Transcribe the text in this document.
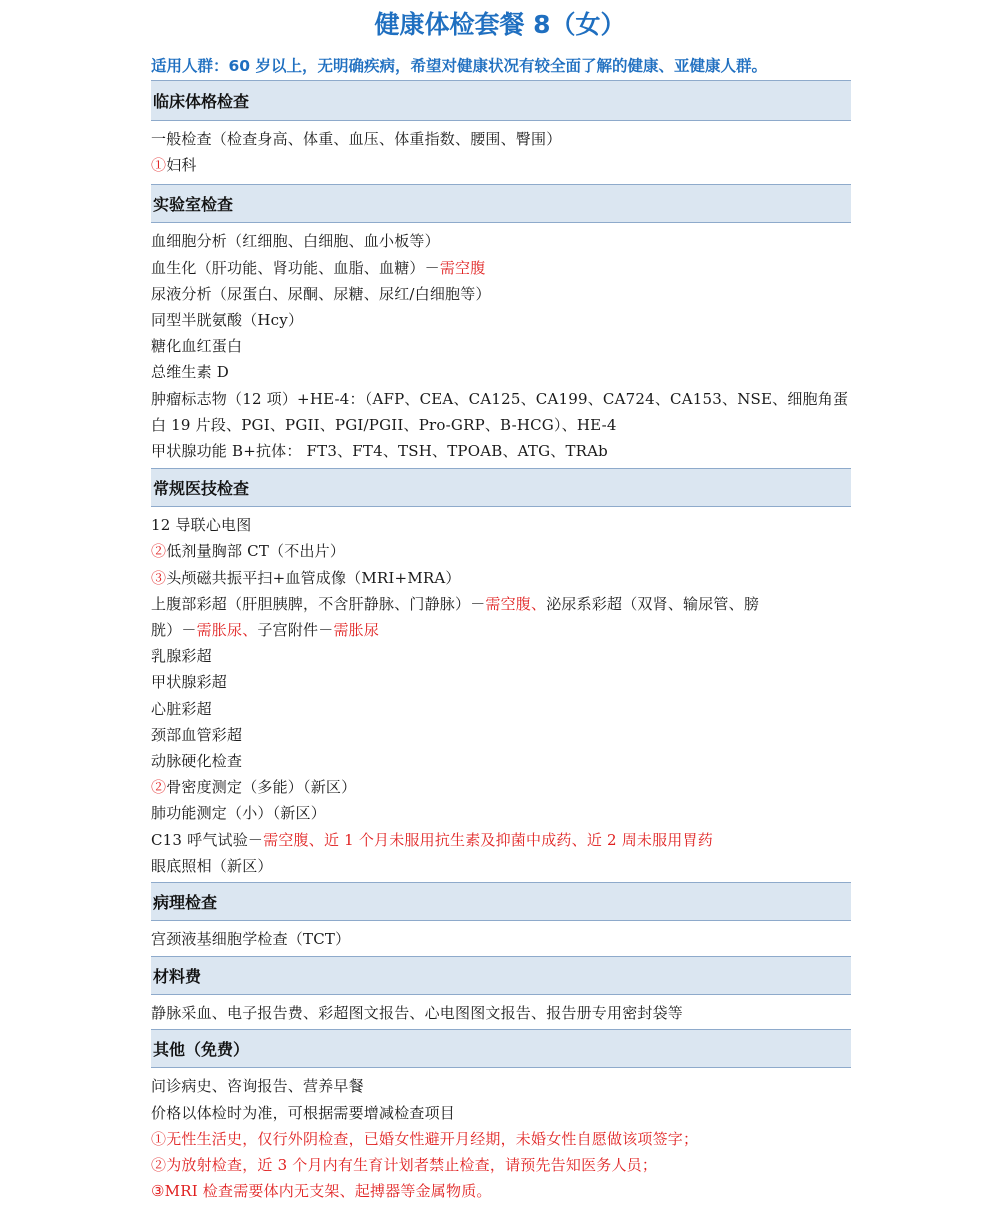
健康体检套餐 8（女）
适用人群：60 岁以上，无明确疾病，希望对健康状况有较全面了解的健康、亚健康人群。
临床体格检查
一般检查（检查身高、体重、血压、体重指数、腰围、臀围）
①妇科
实验室检查
血细胞分析（红细胞、白细胞、血小板等）
血生化（肝功能、肾功能、血脂、血糖）－需空腹
尿液分析（尿蛋白、尿酮、尿糖、尿红/白细胞等）
同型半胱氨酸（Hcy）
糖化血红蛋白
总维生素 D
肿瘤标志物（12 项）+HE-4：（AFP、CEA、CA125、CA199、CA724、CA153、NSE、细胞角蛋
白 19 片段、PGI、PGII、PGI/PGII、Pro-GRP、B-HCG）、HE-4
甲状腺功能 B+抗体： FT3、FT4、TSH、TPOAB、ATG、TRAb
常规医技检查
12 导联心电图
②低剂量胸部 CT（不出片）
③头颅磁共振平扫+血管成像（MRI+MRA）
上腹部彩超（肝胆胰脾，不含肝静脉、门静脉）－需空腹、泌尿系彩超（双肾、输尿管、膀
胱）－需胀尿、子宫附件－需胀尿
乳腺彩超
甲状腺彩超
心脏彩超
颈部血管彩超
动脉硬化检查
②骨密度测定（多能）（新区）
肺功能测定（小）（新区）
C13 呼气试验－需空腹、近 1 个月未服用抗生素及抑菌中成药、近 2 周未服用胃药
眼底照相（新区）
病理检查
宫颈液基细胞学检查（TCT）
材料费
静脉采血、电子报告费、彩超图文报告、心电图图文报告、报告册专用密封袋等
其他（免费）
问诊病史、咨询报告、营养早餐
价格以体检时为准，可根据需要增减检查项目
①无性生活史，仅行外阴检查，已婚女性避开月经期，未婚女性自愿做该项签字；
②为放射检查，近 3 个月内有生育计划者禁止检查，请预先告知医务人员；
③MRI 检查需要体内无支架、起搏器等金属物质。
